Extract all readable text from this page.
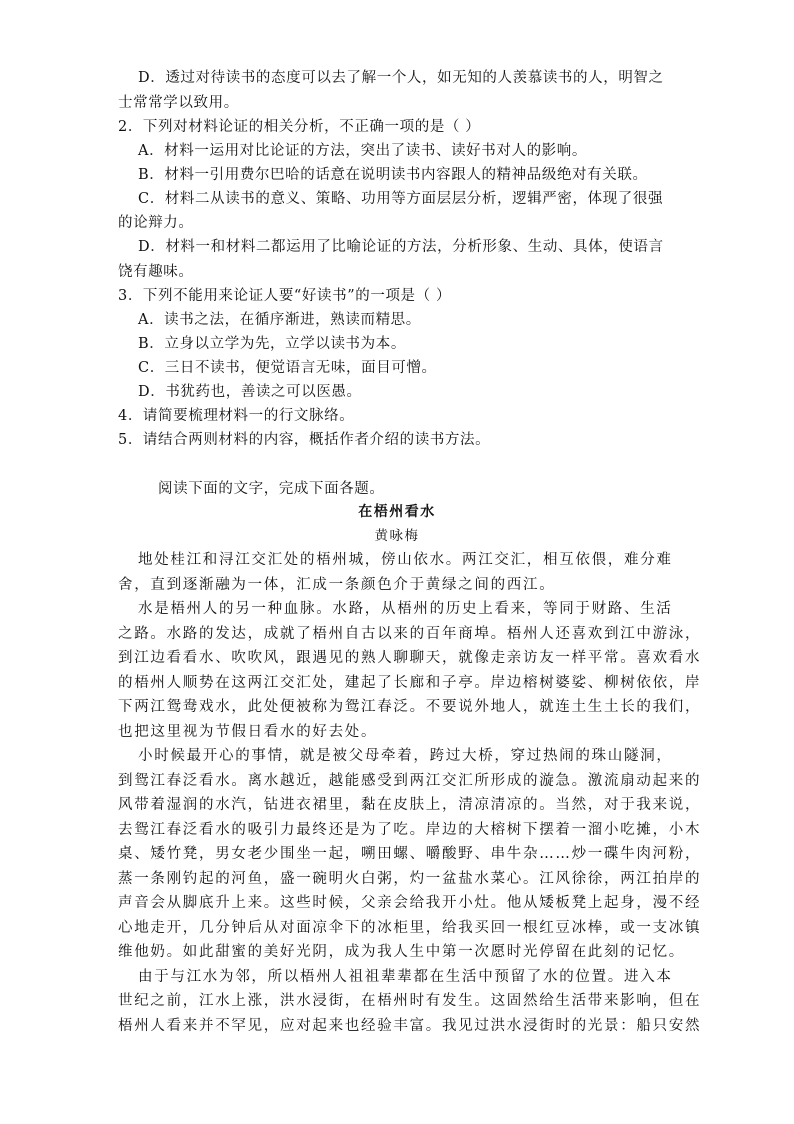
D．透过对待读书的态度可以去了解一个人，如无知的人羡慕读书的人，明智之
士常常学以致用。
2．下列对材料论证的相关分析，不正确一项的是（ ）
A．材料一运用对比论证的方法，突出了读书、读好书对人的影响。
B．材料一引用费尔巴哈的话意在说明读书内容跟人的精神品级绝对有关联。
C．材料二从读书的意义、策略、功用等方面层层分析，逻辑严密，体现了很强
的论辩力。
D．材料一和材料二都运用了比喻论证的方法，分析形象、生动、具体，使语言
饶有趣味。
3．下列不能用来论证人要“好读书”的一项是（ ）
A．读书之法，在循序渐进，熟读而精思。
B．立身以立学为先，立学以读书为本。
C．三日不读书，便觉语言无味，面目可憎。
D．书犹药也，善读之可以医愚。
4．请简要梳理材料一的行文脉络。
5．请结合两则材料的内容，概括作者介绍的读书方法。
阅读下面的文字，完成下面各题。
在梧州看水
黄咏梅
地处桂江和浔江交汇处的梧州城，傍山依水。两江交汇，相互依偎，难分难
舍，直到逐渐融为一体，汇成一条颜色介于黄绿之间的西江。
水是梧州人的另一种血脉。水路，从梧州的历史上看来，等同于财路、生活
之路。水路的发达，成就了梧州自古以来的百年商埠。梧州人还喜欢到江中游泳，
到江边看看水、吹吹风，跟遇见的熟人聊聊天，就像走亲访友一样平常。喜欢看水
的梧州人顺势在这两江交汇处，建起了长廊和子亭。岸边榕树婆娑、柳树依依，岸
下两江鸳鸯戏水，此处便被称为鸳江春泛。不要说外地人，就连土生土长的我们，
也把这里视为节假日看水的好去处。
小时候最开心的事情，就是被父母牵着，跨过大桥，穿过热闹的珠山隧洞，
到鸳江春泛看水。离水越近，越能感受到两江交汇所形成的漩急。激流扇动起来的
风带着湿润的水汽，钻进衣裙里，黏在皮肤上，清凉清凉的。当然，对于我来说，
去鸳江春泛看水的吸引力最终还是为了吃。岸边的大榕树下摆着一溜小吃摊，小木
桌、矮竹凳，男女老少围坐一起，嗍田螺、嚼酸野、串牛杂……炒一碟牛肉河粉，
蒸一条刚钓起的河鱼，盛一碗明火白粥，灼一盆盐水菜心。江风徐徐，两江拍岸的
声音会从脚底升上来。这些时候，父亲会给我开小灶。他从矮板凳上起身，漫不经
心地走开，几分钟后从对面凉伞下的冰柜里，给我买回一根红豆冰棒，或一支冰镇
维他奶。如此甜蜜的美好光阴，成为我人生中第一次愿时光停留在此刻的记忆。
由于与江水为邻，所以梧州人祖祖辈辈都在生活中预留了水的位置。进入本
世纪之前，江水上涨，洪水浸街，在梧州时有发生。这固然给生活带来影响，但在
梧州人看来并不罕见，应对起来也经验丰富。我见过洪水浸街时的光景：船只安然
